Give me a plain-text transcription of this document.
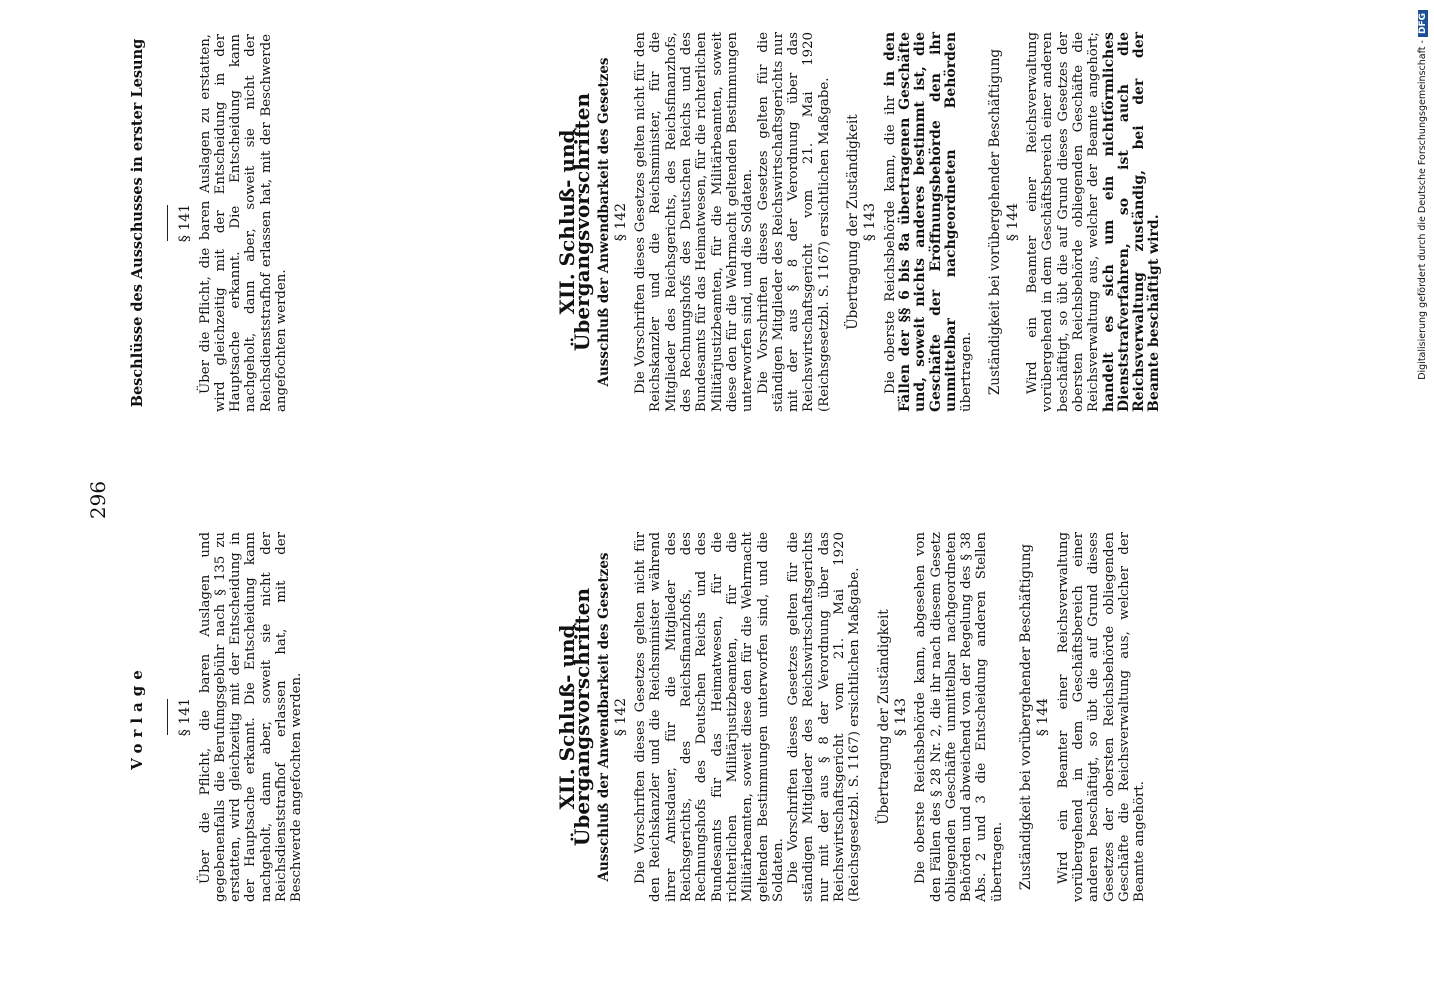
296
Vorlage § 141 Über die Pflicht, die baren Auslagen und gegebenenfalls die Berufungsgebühr nach § 135 zu erstatten, wird gleichzeitig mit der Entscheidung in der Hauptsache erkannt. Die Entscheidung kann nachgeholt, dann aber, soweit sie nicht der Reichsdienststrafhof erlassen hat, mit der Beschwerde angefochten werden.

Beschlüsse des Ausschusses in erster Lesung § 141 Über die Pflicht, die baren Auslagen zu erstatten, wird gleichzeitig mit der Entscheidung in der Hauptsache erkannt. Die Entscheidung kann nachgeholt, dann aber, soweit sie nicht der Reichsdienststrafhof erlassen hat, mit der Beschwerde angefochten werden.

XII. Schluß- und Übergangsvorschriften Ausschluß der Anwendbarkeit des Gesetzes § 142 Die Vorschriften dieses Gesetzes gelten nicht für den Reichskanzler und die Reichsminister während ihrer Amtsdauer, für die Mitglieder des Reichsgerichts, des Reichsfinanzhofs, des Rechnungshofs des Deutschen Reichs und des Bundesamts für das Heimatwesen, für die richterlichen Militärjustizbeamten, für die Militärbeamten, soweit diese den für die Wehrmacht geltenden Bestimmungen unterworfen sind, und die Soldaten. Die Vorschriften dieses Gesetzes gelten für die ständigen Mitglieder des Reichswirtschaftsgerichts nur mit der aus § 8 der Verordnung über das Reichswirtschaftsgericht vom 21. Mai 1920 (Reichsgesetzbl. S. 1167) ersichtlichen Maßgabe. Übertragung der Zuständigkeit § 143 Die oberste Reichsbehörde kann, abgesehen von den Fällen des § 28 Nr. 2, die ihr nach diesem Gesetz obliegenden Geschäfte unmittelbar nachgeordneten Behörden und abweichend von der Regelung des § 38 Abs. 2 und 3 die Entscheidung anderen Stellen übertragen. Zuständigkeit bei vorübergehender Beschäftigung § 144 Wird ein Beamter einer Reichsverwaltung vorübergehend in dem Geschäftsbereich einer anderen beschäftigt, so übt die auf Grund dieses Gesetzes der obersten Reichsbehörde obliegenden Geschäfte die Reichsverwaltung aus, welcher der Beamte angehört.

XII. Schluß- und Übergangsvorschriften Ausschluß der Anwendbarkeit des Gesetzes § 142 Die Vorschriften dieses Gesetzes gelten nicht für den Reichskanzler und die Reichsminister, für die Mitglieder des Reichsgerichts, des Reichsfinanzhofs, des Rechnungshofs des Deutschen Reichs und des Bundesamts für das Heimatwesen, für die richterlichen Militärjustizbeamten, für die Militärbeamten, soweit diese den für die Wehrmacht geltenden Bestimmungen unterworfen sind, und die Soldaten. Die Vorschriften dieses Gesetzes gelten für die ständigen Mitglieder des Reichswirtschaftsgerichts nur mit der aus § 8 der Verordnung über das Reichswirtschaftsgericht vom 21. Mai 1920 (Reichsgesetzbl. S. 1167) ersichtlichen Maßgabe. Übertragung der Zuständigkeit § 143 Die oberste Reichsbehörde kann, die ihr in den Fällen der §§ 6 bis 8a übertragenen Geschäfte und, soweit nichts anderes bestimmt ist, die Geschäfte der Eröffnungsbehörde den ihr unmittelbar nachgeordneten Behörden übertragen. Zuständigkeit bei vorübergehender Beschäftigung § 144 Wird ein Beamter einer Reichsverwaltung vorübergehend in dem Geschäftsbereich einer anderen beschäftigt, so übt die auf Grund dieses Gesetzes der obersten Reichsbehörde obliegenden Geschäfte die Reichsverwaltung aus, welcher der Beamte angehört; handelt es sich um ein nichtförmliches Dienststrafverfahren, so ist auch die Reichsverwaltung zuständig, bei der der Beamte beschäftigt wird.	Digitalisierung gefördert durch die Deutsche Forschungsgemeinschaft - DFG
